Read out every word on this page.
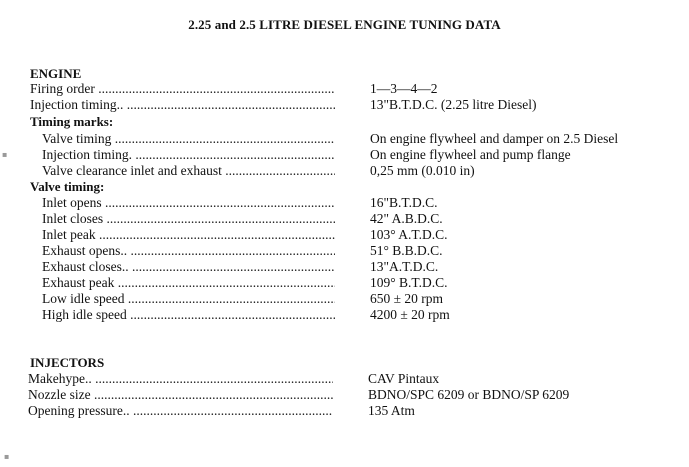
2.25 and 2.5 LITRE DIESEL ENGINE TUNING DATA
ENGINE
Firing order .....	1—3—4—2
Injection timing.. .....	13"B.T.D.C. (2.25 litre Diesel)
Timing marks:
Valve timing .....	On engine flywheel and damper on 2.5 Diesel
Injection timing. .....	On engine flywheel and pump flange
Valve clearance inlet and exhaust .....	0,25 mm (0.010 in)
Valve timing:
Inlet opens .....	16"B.T.D.C.
Inlet closes .....	42" A.B.D.C.
Inlet peak .....	103° A.T.D.C.
Exhaust opens.. .....	51° B.B.D.C.
Exhaust closes.. .....	13"A.T.D.C.
Exhaust peak .....	109° B.T.D.C.
Low idle speed .....	650 ± 20 rpm
High idle speed .....	4200 ± 20 rpm
INJECTORS
Makehype.. .....	CAV Pintaux
Nozzle size .....	BDNO/SPC 6209 or BDNO/SP 6209
Opening pressure.. .....	135 Atm
▪
▪
